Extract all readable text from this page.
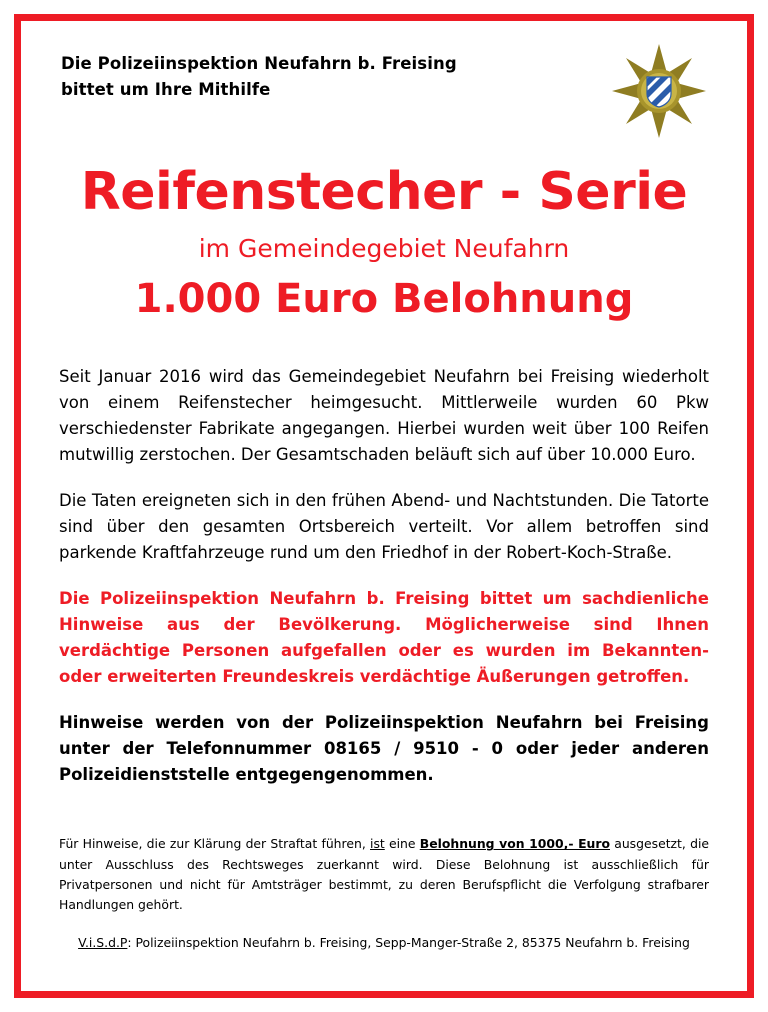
Die Polizeiinspektion Neufahrn b. Freising
bittet um Ihre Mithilfe
Reifenstecher - Serie
im Gemeindegebiet Neufahrn
1.000 Euro Belohnung
Seit Januar 2016 wird das Gemeindegebiet Neufahrn bei Freising wiederholt von einem Reifenstecher heimgesucht. Mittlerweile wurden 60 Pkw verschiedenster Fabrikate angegangen. Hierbei wurden weit über 100 Reifen mutwillig zerstochen. Der Gesamtschaden beläuft sich auf über 10.000 Euro.
Die Taten ereigneten sich in den frühen Abend- und Nachtstunden. Die Tatorte sind über den gesamten Ortsbereich verteilt. Vor allem betroffen sind parkende Kraftfahrzeuge rund um den Friedhof in der Robert-Koch-Straße.
Die Polizeiinspektion Neufahrn b. Freising bittet um sachdienliche Hinweise aus der Bevölkerung. Möglicherweise sind Ihnen verdächtige Personen aufgefallen oder es wurden im Bekannten- oder erweiterten Freundeskreis verdächtige Äußerungen getroffen.
Hinweise werden von der Polizeiinspektion Neufahrn bei Freising unter der Telefonnummer 08165 / 9510 - 0 oder jeder anderen Polizeidienststelle entgegengenommen.
Für Hinweise, die zur Klärung der Straftat führen, ist eine Belohnung von 1000,- Euro ausgesetzt, die unter Ausschluss des Rechtsweges zuerkannt wird. Diese Belohnung ist ausschließlich für Privatpersonen und nicht für Amtsträger bestimmt, zu deren Berufspflicht die Verfolgung strafbarer Handlungen gehört.
V.i.S.d.P: Polizeiinspektion Neufahrn b. Freising, Sepp-Manger-Straße 2, 85375 Neufahrn b. Freising
